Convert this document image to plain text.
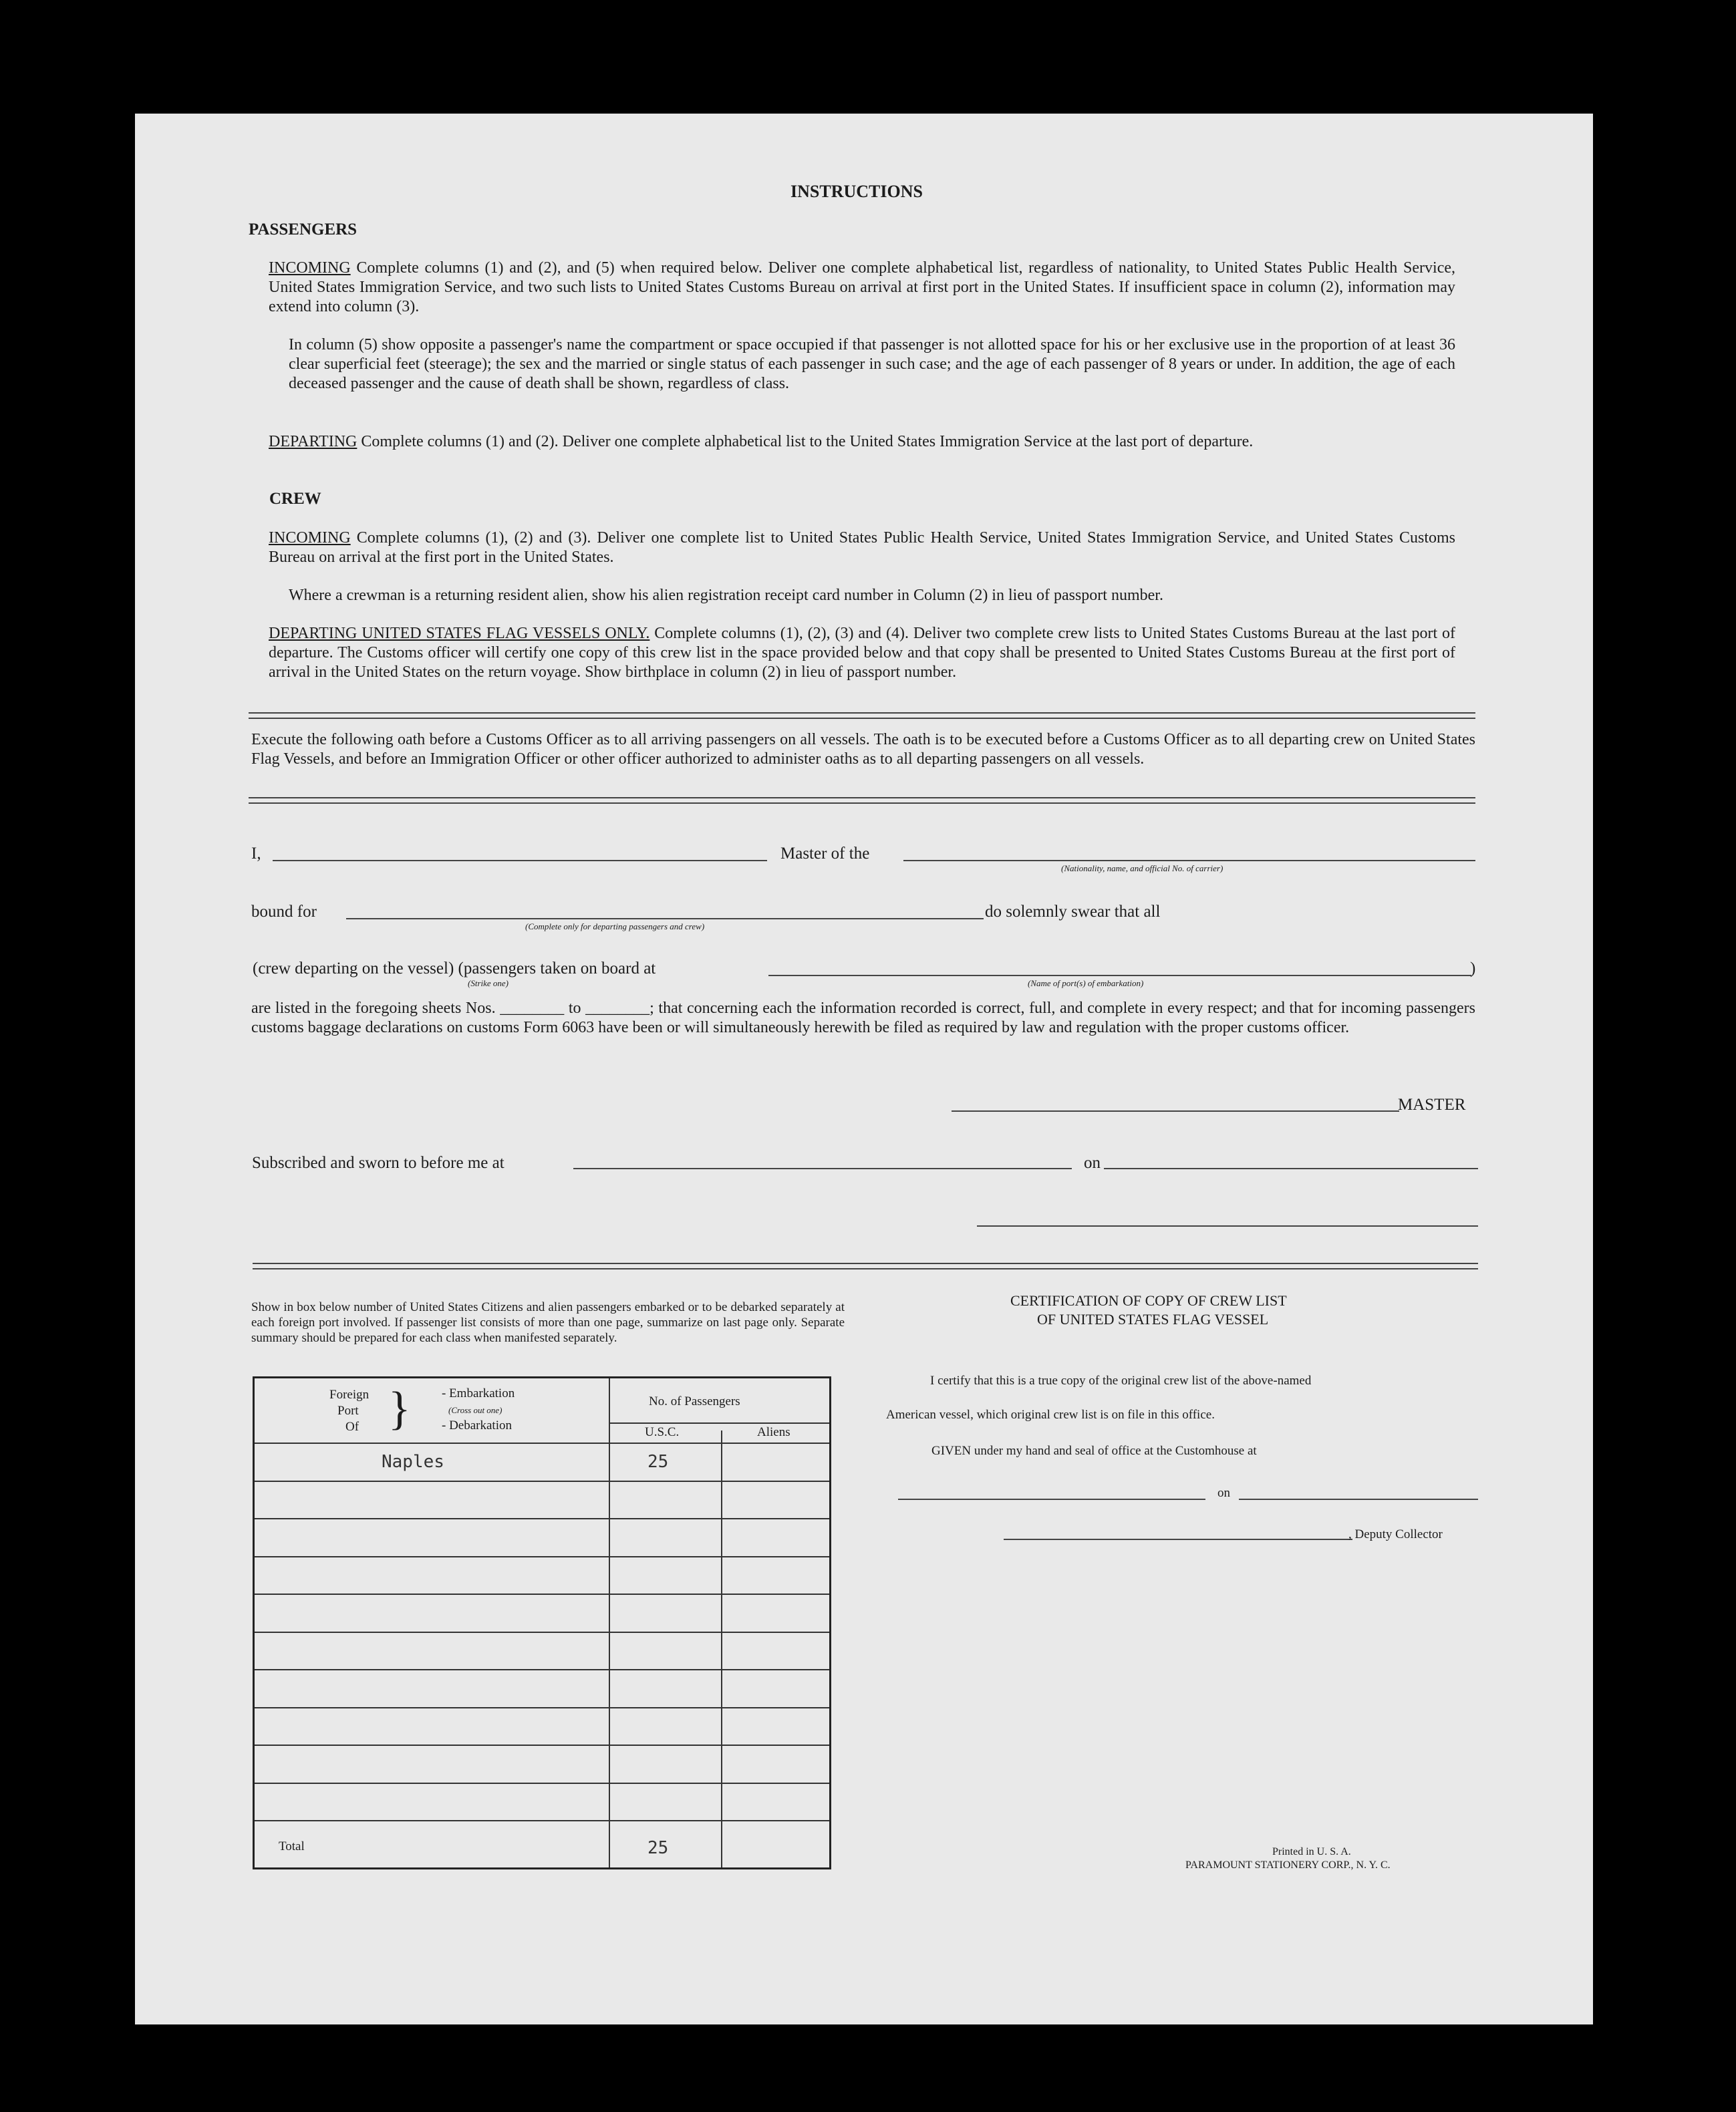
INSTRUCTIONS
PASSENGERS
INCOMING Complete columns (1) and (2), and (5) when required below. Deliver one complete alphabetical list, regardless of nationality, to United States Public Health Service, United States Immigration Service, and two such lists to United States Customs Bureau on arrival at first port in the United States. If insufficient space in column (2), information may extend into column (3).
In column (5) show opposite a passenger's name the compartment or space occupied if that passenger is not allotted space for his or her exclusive use in the proportion of at least 36 clear superficial feet (steerage); the sex and the married or single status of each passenger in such case; and the age of each passenger of 8 years or under. In addition, the age of each deceased passenger and the cause of death shall be shown, regardless of class.
DEPARTING Complete columns (1) and (2). Deliver one complete alphabetical list to the United States Immigration Service at the last port of departure.
CREW
INCOMING Complete columns (1), (2) and (3). Deliver one complete list to United States Public Health Service, United States Immigration Service, and United States Customs Bureau on arrival at the first port in the United States.
Where a crewman is a returning resident alien, show his alien registration receipt card number in Column (2) in lieu of passport number.
DEPARTING UNITED STATES FLAG VESSELS ONLY. Complete columns (1), (2), (3) and (4). Deliver two complete crew lists to United States Customs Bureau at the last port of departure. The Customs officer will certify one copy of this crew list in the space provided below and that copy shall be presented to United States Customs Bureau at the first port of arrival in the United States on the return voyage. Show birthplace in column (2) in lieu of passport number.
Execute the following oath before a Customs Officer as to all arriving passengers on all vessels. The oath is to be executed before a Customs Officer as to all departing crew on United States Flag Vessels, and before an Immigration Officer or other officer authorized to administer oaths as to all departing passengers on all vessels.
I,	Master of the
(Nationality, name, and official No. of carrier)
bound for
(Complete only for departing passengers and crew)
do solemnly swear that all
(crew departing on the vessel) (passengers taken on board at	)
(Strike one)	(Name of port(s) of embarkation)
are listed in the foregoing sheets Nos. ________ to ________; that concerning each the information recorded is correct, full, and complete in every respect; and that for incoming passengers customs baggage declarations on customs Form 6063 have been or will simultaneously herewith be filed as required by law and regulation with the proper customs officer.
MASTER
Subscribed and sworn to before me at	on
Show in box below number of United States Citizens and alien passengers embarked or to be debarked separately at each foreign port involved. If passenger list consists of more than one page, summarize on last page only. Separate summary should be prepared for each class when manifested separately.
Foreign
Port
Of } - Embarkation
(Cross out one)
- Debarkation
No. of Passengers
U.S.C.	Aliens
Naples	25
Total	25
CERTIFICATION OF COPY OF CREW LIST
OF UNITED STATES FLAG VESSEL
I certify that this is a true copy of the original crew list of the above-named
American vessel, which original crew list is on file in this office.
GIVEN under my hand and seal of office at the Customhouse at
on
, Deputy Collector
Printed in U. S. A.
PARAMOUNT STATIONERY CORP., N. Y. C.
